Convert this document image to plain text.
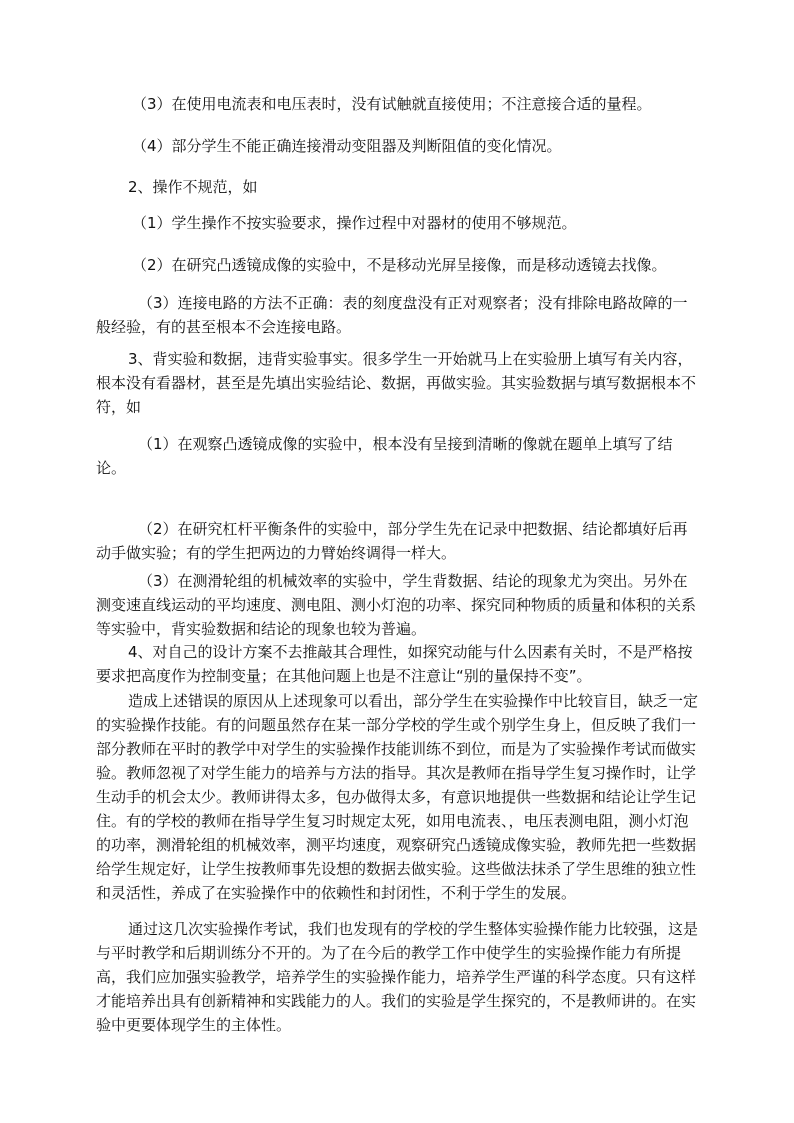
（3）在使用电流表和电压表时，没有试触就直接使用；不注意接合适的量程。

（4）部分学生不能正确连接滑动变阻器及判断阻值的变化情况。

2、操作不规范，如

（1）学生操作不按实验要求，操作过程中对器材的使用不够规范。

（2）在研究凸透镜成像的实验中，不是移动光屏呈接像，而是移动透镜去找像。

（3）连接电路的方法不正确：表的刻度盘没有正对观察者；没有排除电路故障的一般经验，有的甚至根本不会连接电路。

3、背实验和数据，违背实验事实。很多学生一开始就马上在实验册上填写有关内容，根本没有看器材，甚至是先填出实验结论、数据，再做实验。其实验数据与填写数据根本不符，如

（1）在观察凸透镜成像的实验中，根本没有呈接到清晰的像就在题单上填写了结论。

（2）在研究杠杆平衡条件的实验中，部分学生先在记录中把数据、结论都填好后再动手做实验；有的学生把两边的力臂始终调得一样大。

（3）在测滑轮组的机械效率的实验中，学生背数据、结论的现象尤为突出。另外在测变速直线运动的平均速度、测电阻、测小灯泡的功率、探究同种物质的质量和体积的关系等实验中，背实验数据和结论的现象也较为普遍。

4、对自己的设计方案不去推敲其合理性，如探究动能与什么因素有关时，不是严格按要求把高度作为控制变量；在其他问题上也是不注意让“别的量保持不变”。

造成上述错误的原因从上述现象可以看出，部分学生在实验操作中比较盲目，缺乏一定的实验操作技能。有的问题虽然存在某一部分学校的学生或个别学生身上，但反映了我们一部分教师在平时的教学中对学生的实验操作技能训练不到位，而是为了实验操作考试而做实验。教师忽视了对学生能力的培养与方法的指导。其次是教师在指导学生复习操作时，让学生动手的机会太少。教师讲得太多，包办做得太多，有意识地提供一些数据和结论让学生记住。有的学校的教师在指导学生复习时规定太死，如用电流表、，电压表测电阻，测小灯泡的功率，测滑轮组的机械效率，测平均速度，观察研究凸透镜成像实验，教师先把一些数据给学生规定好，让学生按教师事先设想的数据去做实验。这些做法抹杀了学生思维的独立性和灵活性，养成了在实验操作中的依赖性和封闭性，不利于学生的发展。

通过这几次实验操作考试，我们也发现有的学校的学生整体实验操作能力比较强，这是与平时教学和后期训练分不开的。为了在今后的教学工作中使学生的实验操作能力有所提高，我们应加强实验教学，培养学生的实验操作能力，培养学生严谨的科学态度。只有这样才能培养出具有创新精神和实践能力的人。我们的实验是学生探究的，不是教师讲的。在实验中更要体现学生的主体性。
